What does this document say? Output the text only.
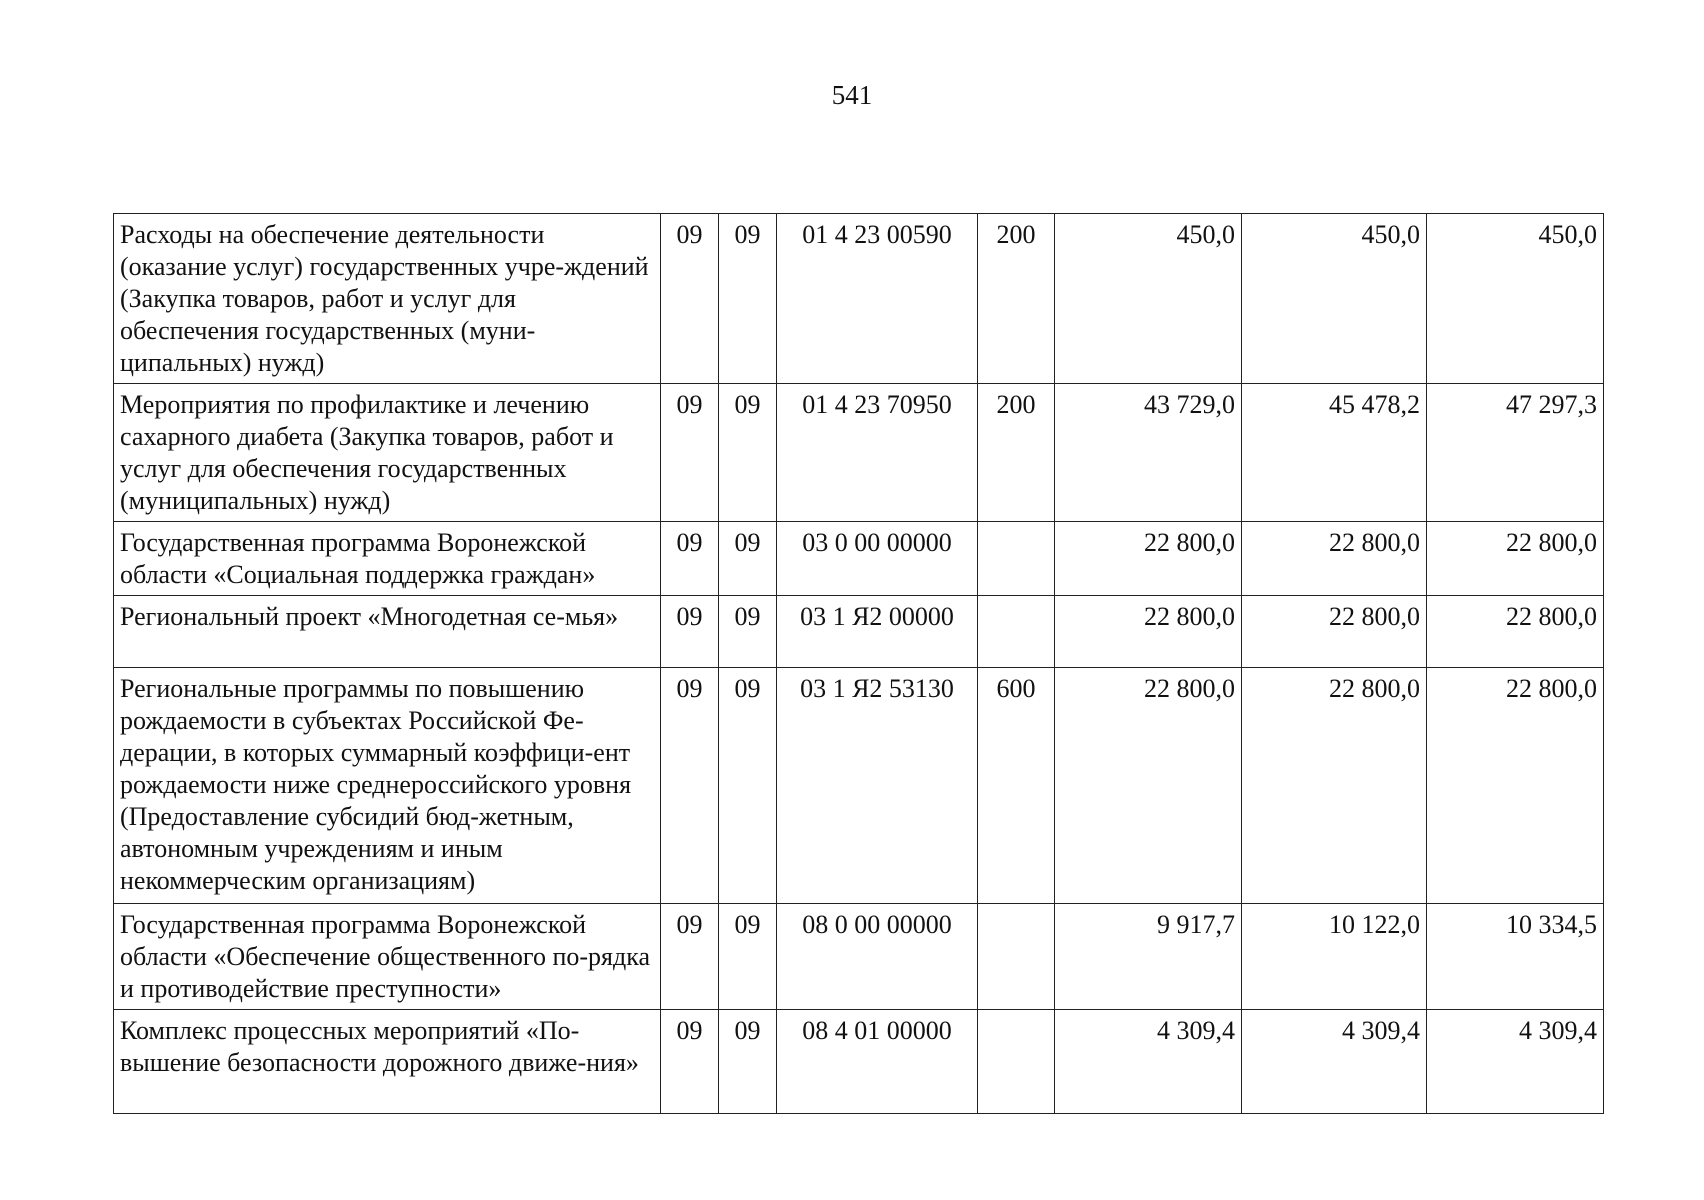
541
Расходы на обеспечение деятельности (оказание услуг) государственных учре-ждений (Закупка товаров, работ и услуг для обеспечения государственных (муни-ципальных) нужд)	09	09	01 4 23 00590	200	450,0	450,0	450,0
Мероприятия по профилактике и лечению сахарного диабета (Закупка товаров, работ и услуг для обеспечения государственных (муниципальных) нужд)	09	09	01 4 23 70950	200	43 729,0	45 478,2	47 297,3
Государственная программа Воронежской области «Социальная поддержка граждан»	09	09	03 0 00 00000		22 800,0	22 800,0	22 800,0
Региональный проект «Многодетная се-мья»	09	09	03 1 Я2 00000		22 800,0	22 800,0	22 800,0
Региональные программы по повышению рождаемости в субъектах Российской Фе-дерации, в которых суммарный коэффици-ент рождаемости ниже среднероссийского уровня (Предоставление субсидий бюд-жетным, автономным учреждениям и иным некоммерческим организациям)	09	09	03 1 Я2 53130	600	22 800,0	22 800,0	22 800,0
Государственная программа Воронежской области «Обеспечение общественного по-рядка и противодействие преступности»	09	09	08 0 00 00000		9 917,7	10 122,0	10 334,5
Комплекс процессных мероприятий «По-вышение безопасности дорожного движе-ния»	09	09	08 4 01 00000		4 309,4	4 309,4	4 309,4
